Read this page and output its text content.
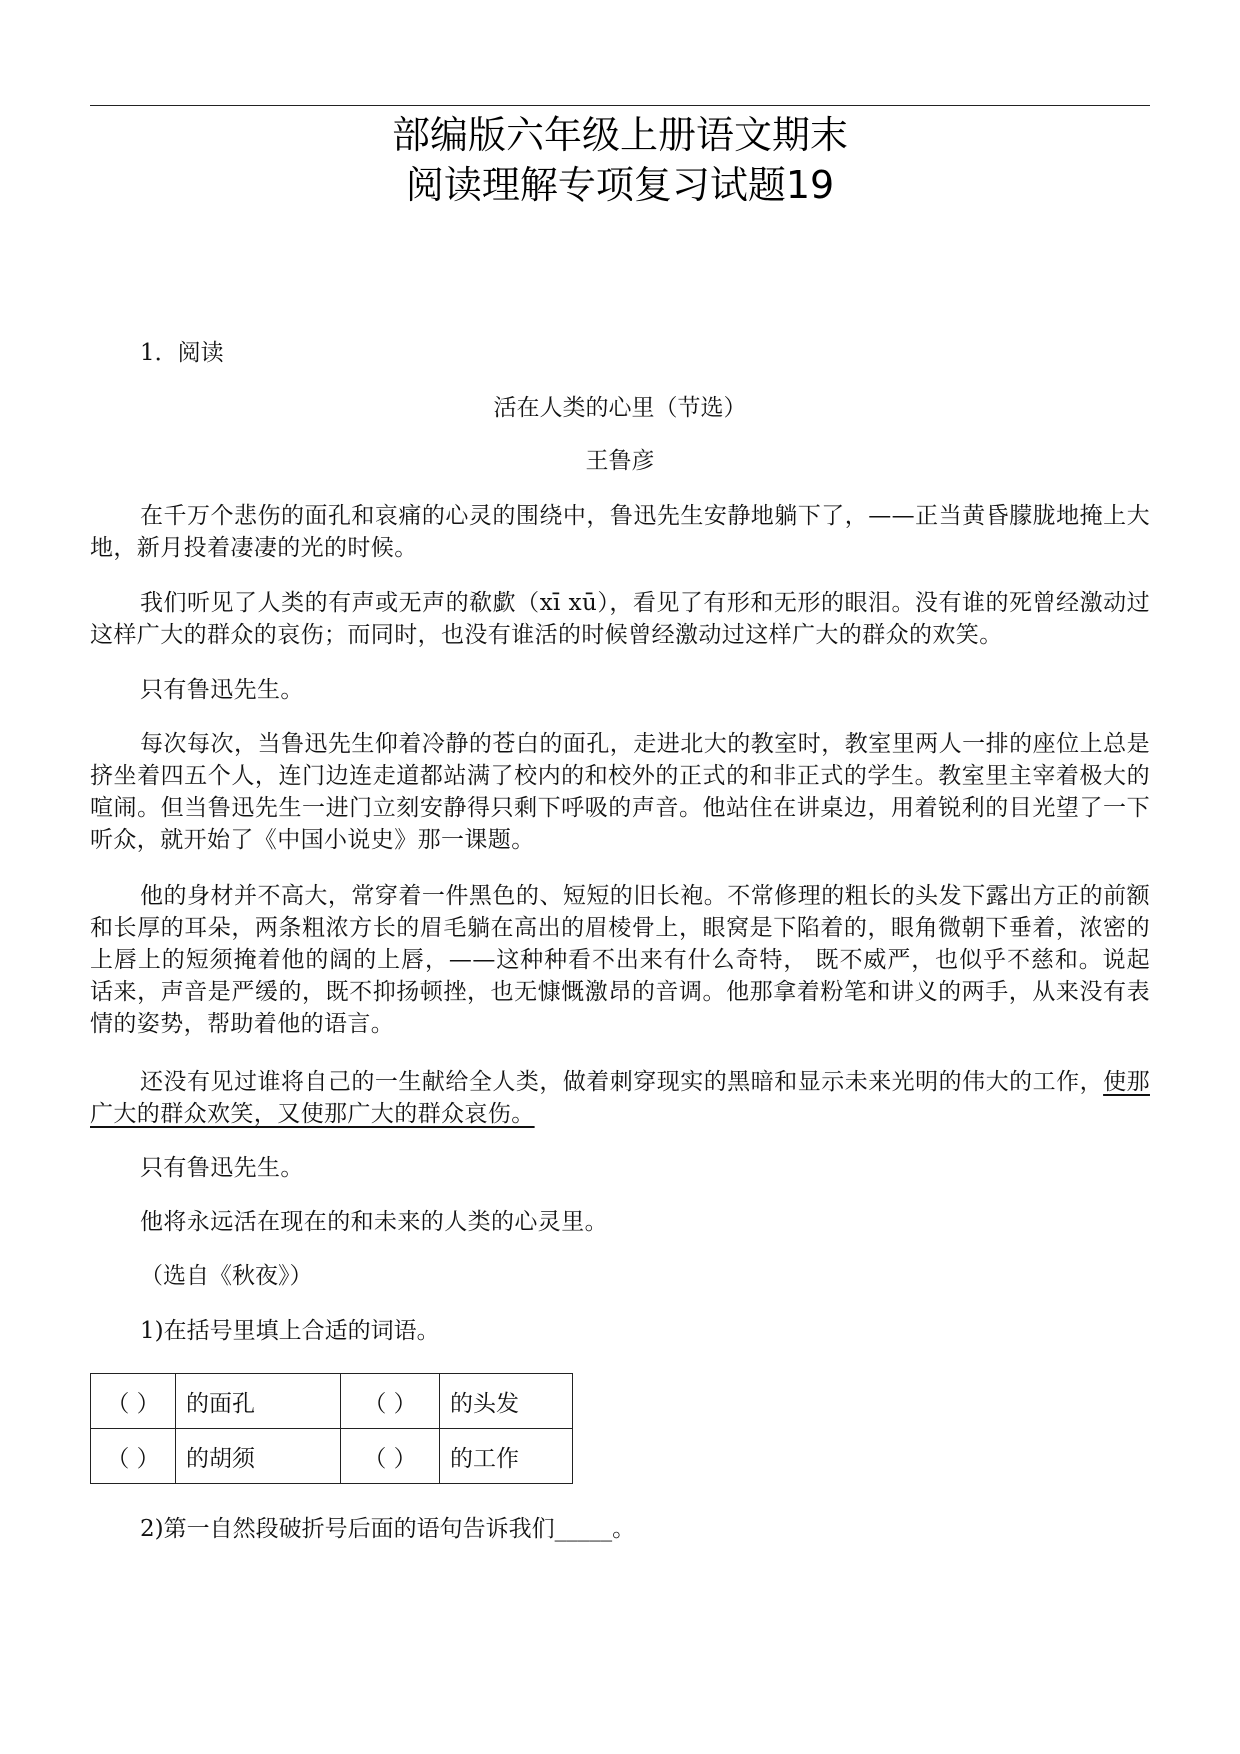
部编版六年级上册语文期末
阅读理解专项复习试题19
1．阅读
活在人类的心里（节选）
王鲁彦
在千万个悲伤的面孔和哀痛的心灵的围绕中，鲁迅先生安静地躺下了，——正当黄昏朦胧地掩上大地，新月投着凄凄的光的时候。
我们听见了人类的有声或无声的欷歔（xī xū），看见了有形和无形的眼泪。没有谁的死曾经激动过这样广大的群众的哀伤；而同时，也没有谁活的时候曾经激动过这样广大的群众的欢笑。
只有鲁迅先生。
每次每次，当鲁迅先生仰着冷静的苍白的面孔，走进北大的教室时，教室里两人一排的座位上总是挤坐着四五个人，连门边连走道都站满了校内的和校外的正式的和非正式的学生。教室里主宰着极大的喧闹。但当鲁迅先生一进门立刻安静得只剩下呼吸的声音。他站住在讲桌边，用着锐利的目光望了一下听众，就开始了《中国小说史》那一课题。
他的身材并不高大，常穿着一件黑色的、短短的旧长袍。不常修理的粗长的头发下露出方正的前额和长厚的耳朵，两条粗浓方长的眉毛躺在高出的眉棱骨上，眼窝是下陷着的，眼角微朝下垂着，浓密的上唇上的短须掩着他的阔的上唇，——这种种看不出来有什么奇特， 既不威严，也似乎不慈和。说起话来，声音是严缓的，既不抑扬顿挫，也无慷慨激昂的音调。他那拿着粉笔和讲义的两手，从来没有表情的姿势，帮助着他的语言。
还没有见过谁将自己的一生献给全人类，做着刺穿现实的黑暗和显示未来光明的伟大的工作，使那广大的群众欢笑，又使那广大的群众哀伤。
只有鲁迅先生。
他将永远活在现在的和未来的人类的心灵里。
（选自《秋夜》）
1)在括号里填上合适的词语。
（ ）	的面孔	（ ）	的头发
（ ）	的胡须	（ ）	的工作
2)第一自然段破折号后面的语句告诉我们_____。
